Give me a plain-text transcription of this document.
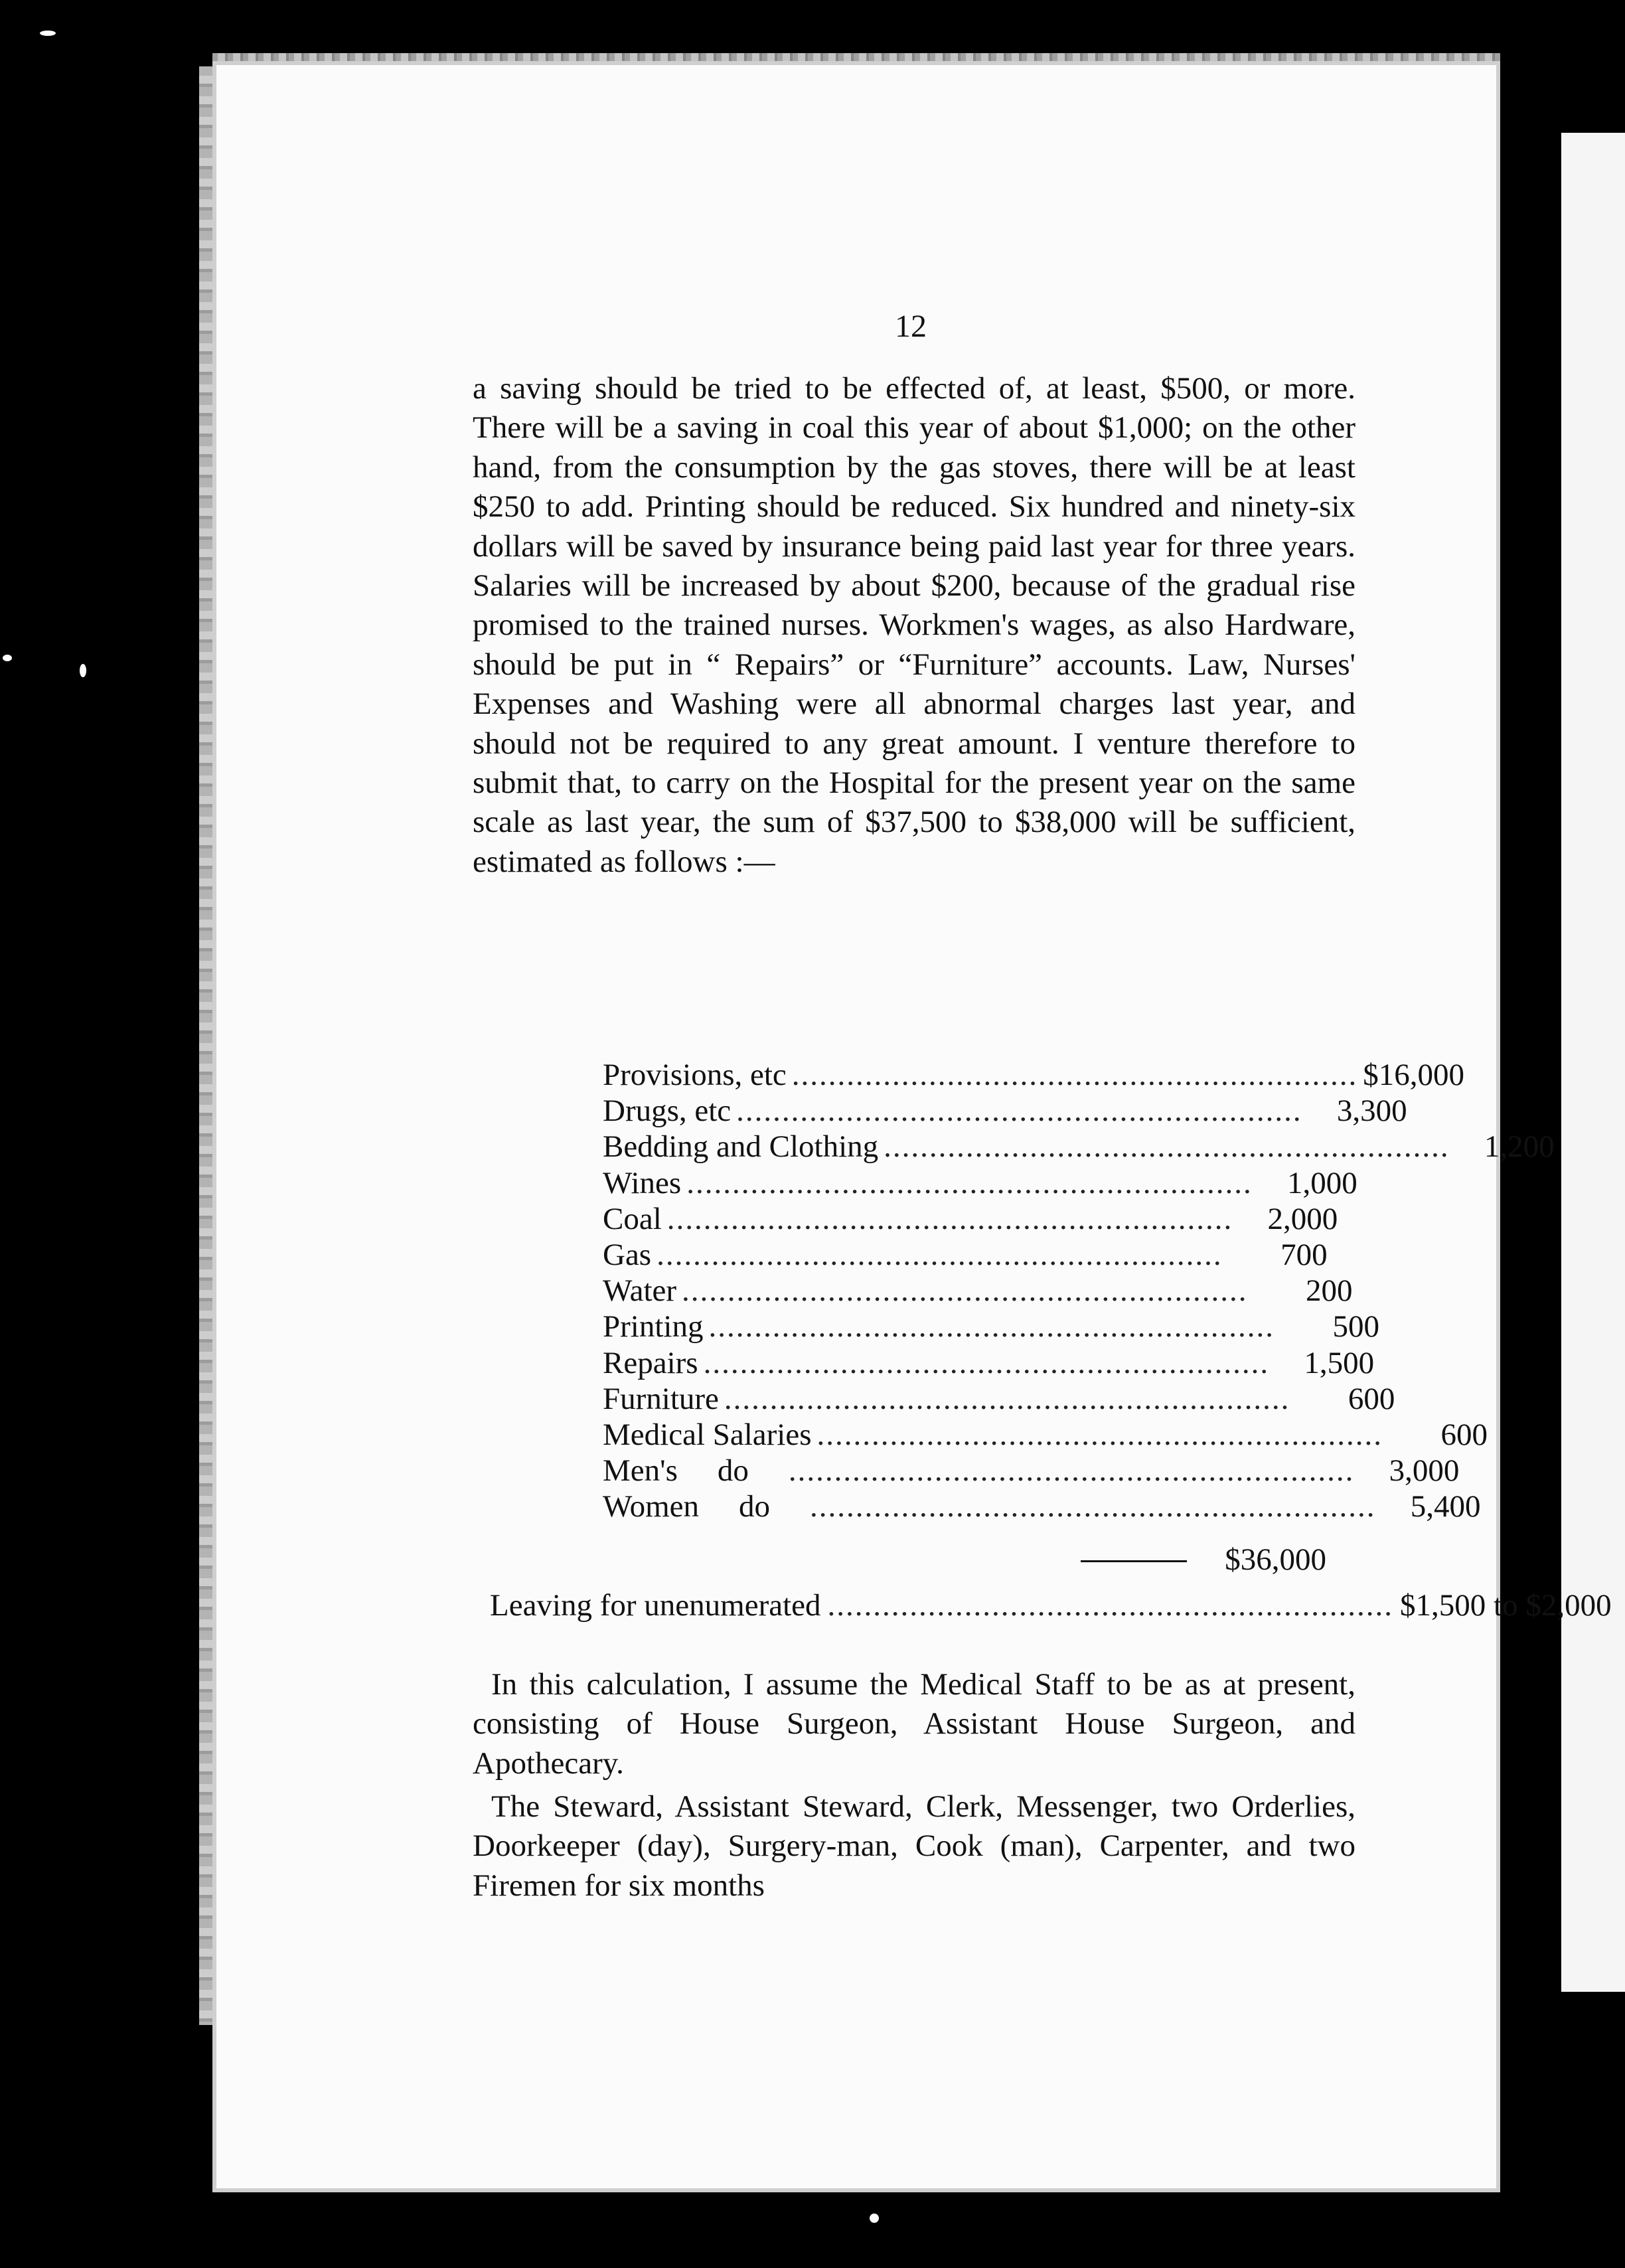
12
a saving should be tried to be effected of, at least, $500, or more. There will be a saving in coal this year of about $1,000; on the other hand, from the consumption by the gas stoves, there will be at least $250 to add. Printing should be reduced. Six hundred and ninety-six dollars will be saved by insurance being paid last year for three years. Salaries will be increased by about $200, because of the gradual rise promised to the trained nurses. Workmen's wages, as also Hardware, should be put in “ Repairs” or “Furniture” accounts. Law, Nurses' Expenses and Washing were all abnormal charges last year, and should not be required to any great amount. I venture therefore to submit that, to carry on the Hospital for the present year on the same scale as last year, the sum of $37,500 to $38,000 will be sufficient, estimated as follows :—
Provisions, etc .............................................................. $16,000
Drugs, etc ..............................................................	3,300
Bedding and Clothing ..............................................................	1,200
Wines ..............................................................	1,000
Coal ..............................................................	2,000
Gas ..............................................................	700
Water ..............................................................	200
Printing ..............................................................	500
Repairs ..............................................................	1,500
Furniture ..............................................................	600
Medical Salaries ..............................................................	600
Men's do ..............................................................	3,000
Women do ..............................................................	5,400
$36,000
Leaving for unenumerated .............................................................. $1,500 to $2,000
In this calculation, I assume the Medical Staff to be as at present, consisting of House Surgeon, Assistant House Surgeon, and Apothecary.
The Steward, Assistant Steward, Clerk, Messenger, two Orderlies, Doorkeeper (day), Surgery-man, Cook (man), Carpenter, and two Firemen for six months
